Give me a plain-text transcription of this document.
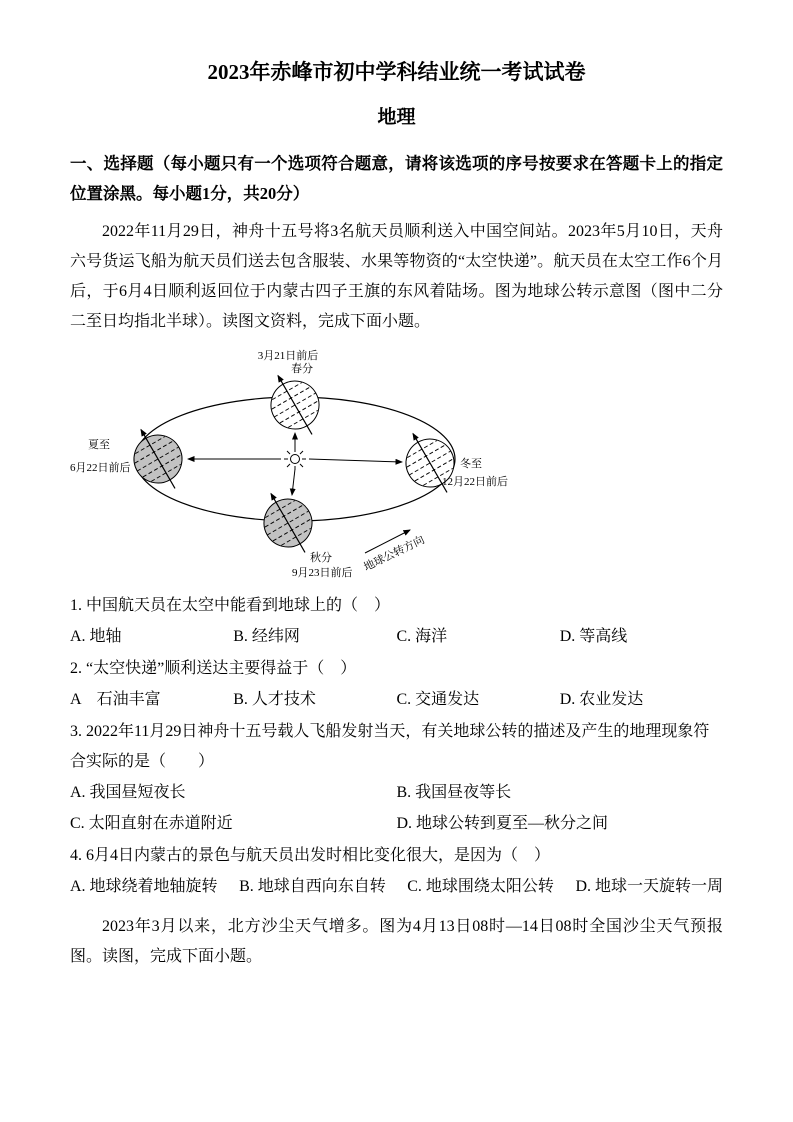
2023年赤峰市初中学科结业统一考试试卷
地理

一、选择题（每小题只有一个选项符合题意，请将该选项的序号按要求在答题卡上的指定位置涂黑。每小题1分，共20分）

2022年11月29日，神舟十五号将3名航天员顺利送入中国空间站。2023年5月10日，天舟六号货运飞船为航天员们送去包含服装、水果等物资的“太空快递”。航天员在太空工作6个月后，于6月4日顺利返回位于内蒙古四子王旗的东风着陆场。图为地球公转示意图（图中二分二至日均指北半球）。读图文资料，完成下面小题。

3月21日前后
春分
夏至
6月22日前后	冬至
12月22日前后
秋分
9月23日前后 地球公转方向

1. 中国航天员在太空中能看到地球上的（　）

A. 地轴	B. 经纬网	C. 海洋	D. 等高线

2. “太空快递”顺利送达主要得益于（　）

A　石油丰富	B. 人才技术	C. 交通发达	D. 农业发达

3. 2022年11月29日神舟十五号载人飞船发射当天，有关地球公转的描述及产生的地理现象符合实际的是（　　）

A. 我国昼短夜长	B. 我国昼夜等长
C. 太阳直射在赤道附近	D. 地球公转到夏至—秋分之间

4. 6月4日内蒙古的景色与航天员出发时相比变化很大，是因为（　）

A. 地球绕着地轴旋转 B. 地球自西向东自转 C. 地球围绕太阳公转 D. 地球一天旋转一周

2023年3月以来，北方沙尘天气增多。图为4月13日08时—14日08时全国沙尘天气预报图。读图，完成下面小题。
